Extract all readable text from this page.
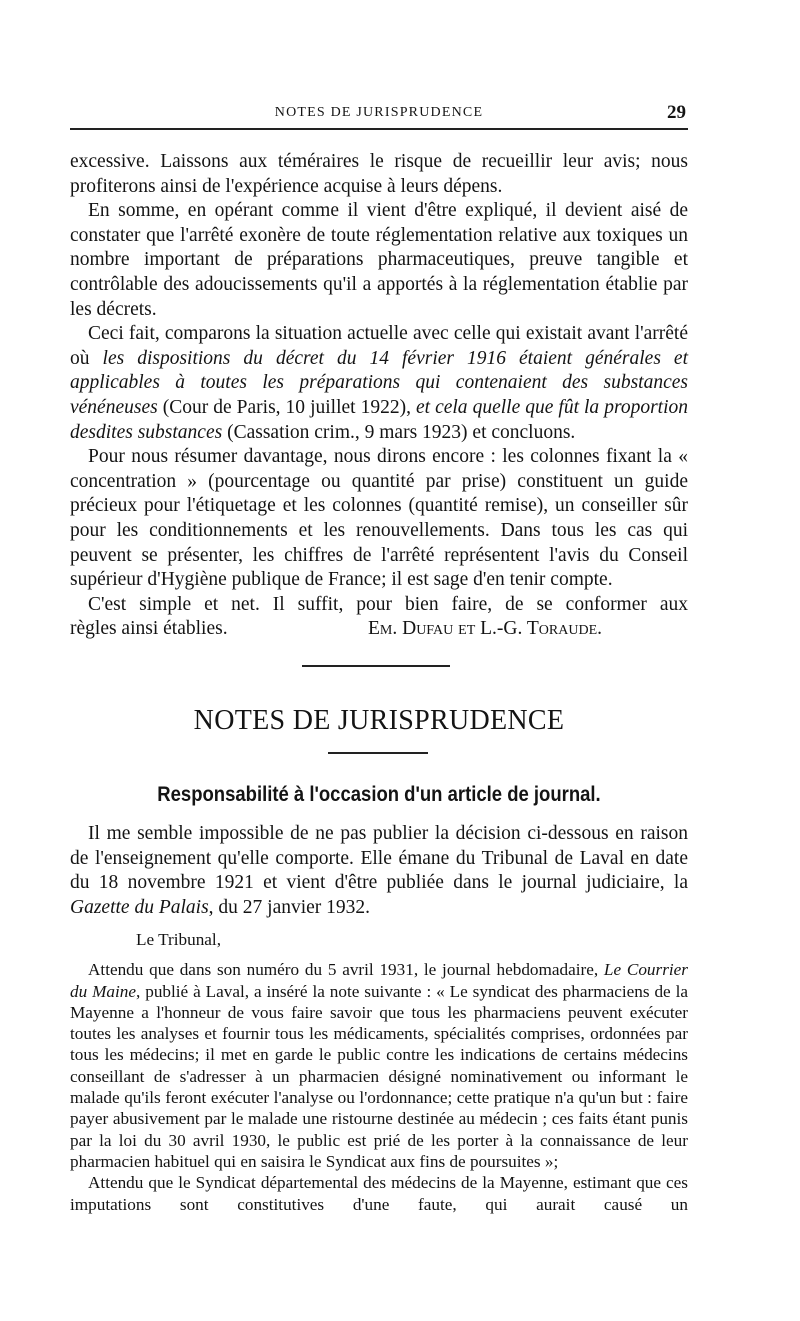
NOTES DE JURISPRUDENCE	29

excessive. Laissons aux téméraires le risque de recueillir leur avis; nous profiterons ainsi de l'expérience acquise à leurs dépens.

En somme, en opérant comme il vient d'être expliqué, il devient aisé de constater que l'arrêté exonère de toute réglementation relative aux toxiques un nombre important de préparations pharmaceutiques, preuve tangible et contrôlable des adoucissements qu'il a apportés à la réglementation établie par les décrets.

Ceci fait, comparons la situation actuelle avec celle qui existait avant l'arrêté où les dispositions du décret du 14 février 1916 étaient générales et applicables à toutes les préparations qui contenaient des substances vénéneuses (Cour de Paris, 10 juillet 1922), et cela quelle que fût la proportion desdites substances (Cassation crim., 9 mars 1923) et concluons.

Pour nous résumer davantage, nous dirons encore : les colonnes fixant la « concentration » (pourcentage ou quantité par prise) constituent un guide précieux pour l'étiquetage et les colonnes (quantité remise), un conseiller sûr pour les conditionnements et les renouvellements. Dans tous les cas qui peuvent se présenter, les chiffres de l'arrêté représentent l'avis du Conseil supérieur d'Hygiène publique de France; il est sage d'en tenir compte.

C'est simple et net. Il suffit, pour bien faire, de se conformer aux

règles ainsi établies.	Em. Dufau et L.-G. Toraude.
NOTES DE JURISPRUDENCE
Responsabilité à l'occasion d'un article de journal.

Il me semble impossible de ne pas publier la décision ci-dessous en raison de l'enseignement qu'elle comporte. Elle émane du Tribunal de Laval en date du 18 novembre 1921 et vient d'être publiée dans le journal judiciaire, la Gazette du Palais, du 27 janvier 1932.

Le Tribunal,

Attendu que dans son numéro du 5 avril 1931, le journal hebdomadaire, Le Courrier du Maine, publié à Laval, a inséré la note suivante : « Le syndicat des pharmaciens de la Mayenne a l'honneur de vous faire savoir que tous les pharmaciens peuvent exécuter toutes les analyses et fournir tous les médicaments, spécialités comprises, ordonnées par tous les médecins; il met en garde le public contre les indications de certains médecins conseillant de s'adresser à un pharmacien désigné nominativement ou informant le malade qu'ils feront exécuter l'analyse ou l'ordonnance; cette pratique n'a qu'un but : faire payer abusivement par le malade une ristourne destinée au médecin ; ces faits étant punis par la loi du 30 avril 1930, le public est prié de les porter à la connaissance de leur pharmacien habituel qui en saisira le Syndicat aux fins de poursuites »;

Attendu que le Syndicat départemental des médecins de la Mayenne, estimant que ces imputations sont constitutives d'une faute, qui aurait causé un
